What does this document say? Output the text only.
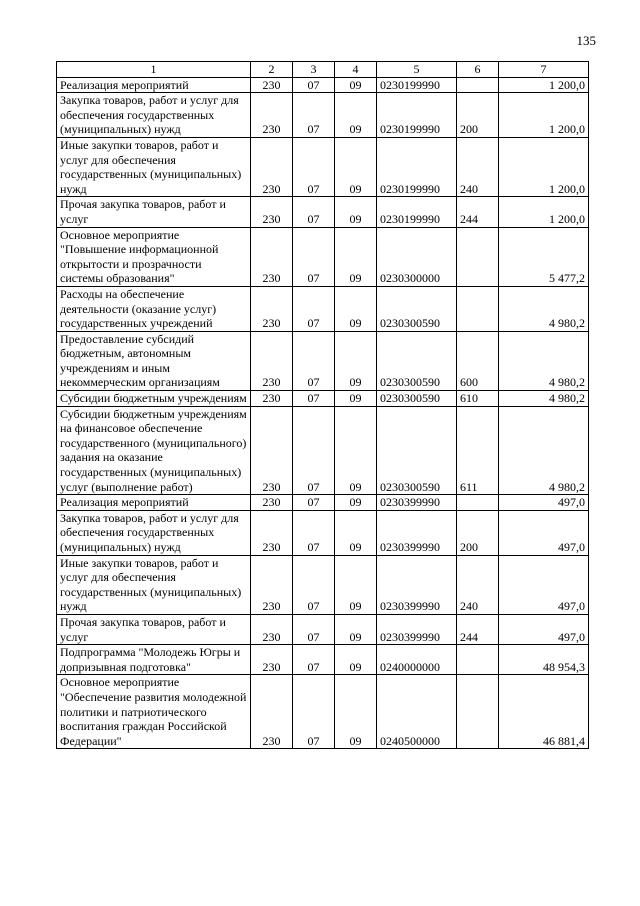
135
1	2	3	4	5	6	7
Реализация мероприятий	230	07	09	0230199990		1 200,0
Закупка товаров, работ и услуг для обеспечения государственных (муниципальных) нужд	230	07	09	0230199990	200	1 200,0
Иные закупки товаров, работ и услуг для обеспечения государственных (муниципальных) нужд	230	07	09	0230199990	240	1 200,0
Прочая закупка товаров, работ и услуг	230	07	09	0230199990	244	1 200,0
Основное мероприятие "Повышение информационной открытости и прозрачности системы образования"	230	07	09	0230300000		5 477,2
Расходы на обеспечение деятельности (оказание услуг) государственных учреждений	230	07	09	0230300590		4 980,2
Предоставление субсидий бюджетным, автономным учреждениям и иным некоммерческим организациям	230	07	09	0230300590	600	4 980,2
Субсидии бюджетным учреждениям	230	07	09	0230300590	610	4 980,2
Субсидии бюджетным учреждениям на финансовое обеспечение государственного (муниципального) задания на оказание государственных (муниципальных) услуг (выполнение работ)	230	07	09	0230300590	611	4 980,2
Реализация мероприятий	230	07	09	0230399990		497,0
Закупка товаров, работ и услуг для обеспечения государственных (муниципальных) нужд	230	07	09	0230399990	200	497,0
Иные закупки товаров, работ и услуг для обеспечения государственных (муниципальных) нужд	230	07	09	0230399990	240	497,0
Прочая закупка товаров, работ и услуг	230	07	09	0230399990	244	497,0
Подпрограмма "Молодежь Югры и допризывная подготовка"	230	07	09	0240000000		48 954,3
Основное мероприятие "Обеспечение развития молодежной политики и патриотического воспитания граждан Российской Федерации"	230	07	09	0240500000		46 881,4
